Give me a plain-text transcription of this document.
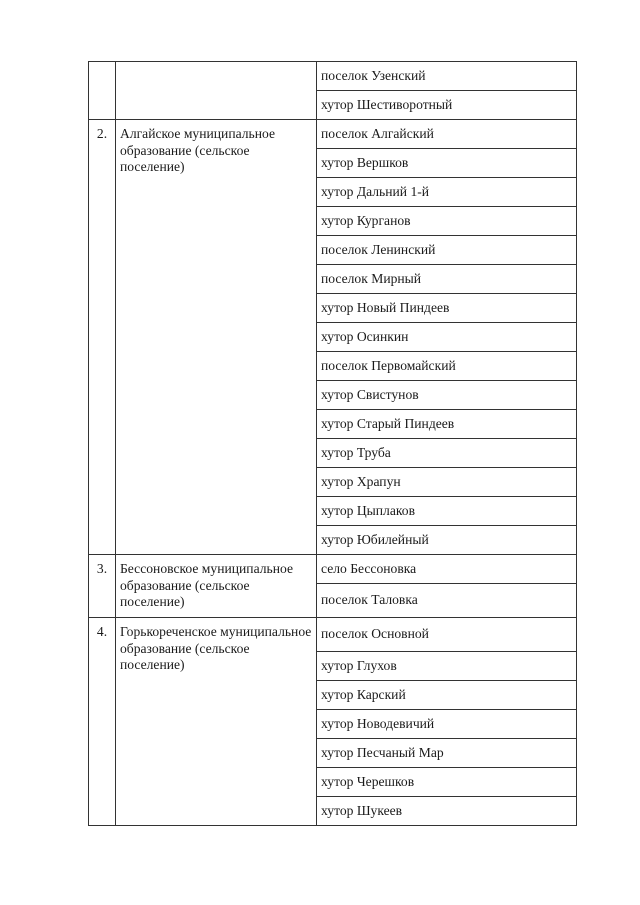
		поселок Узенский
		хутор Шестиворотный
2.	Алгайское муниципальное образование (сельское поселение)	поселок Алгайский
		хутор Вершков
		хутор Дальний 1-й
		хутор Курганов
		поселок Ленинский
		поселок Мирный
		хутор Новый Пиндеев
		хутор Осинкин
		поселок Первомайский
		хутор Свистунов
		хутор Старый Пиндеев
		хутор Труба
		хутор Храпун
		хутор Цыплаков
		хутор Юбилейный
3.	Бессоновское муниципальное образование (сельское поселение)	село Бессоновка
		поселок Таловка
4.	Горькореченское муниципальное образование (сельское поселение)	поселок Основной
		хутор Глухов
		хутор Карский
		хутор Новодевичий
		хутор Песчаный Мар
		хутор Черешков
		хутор Шукеев
